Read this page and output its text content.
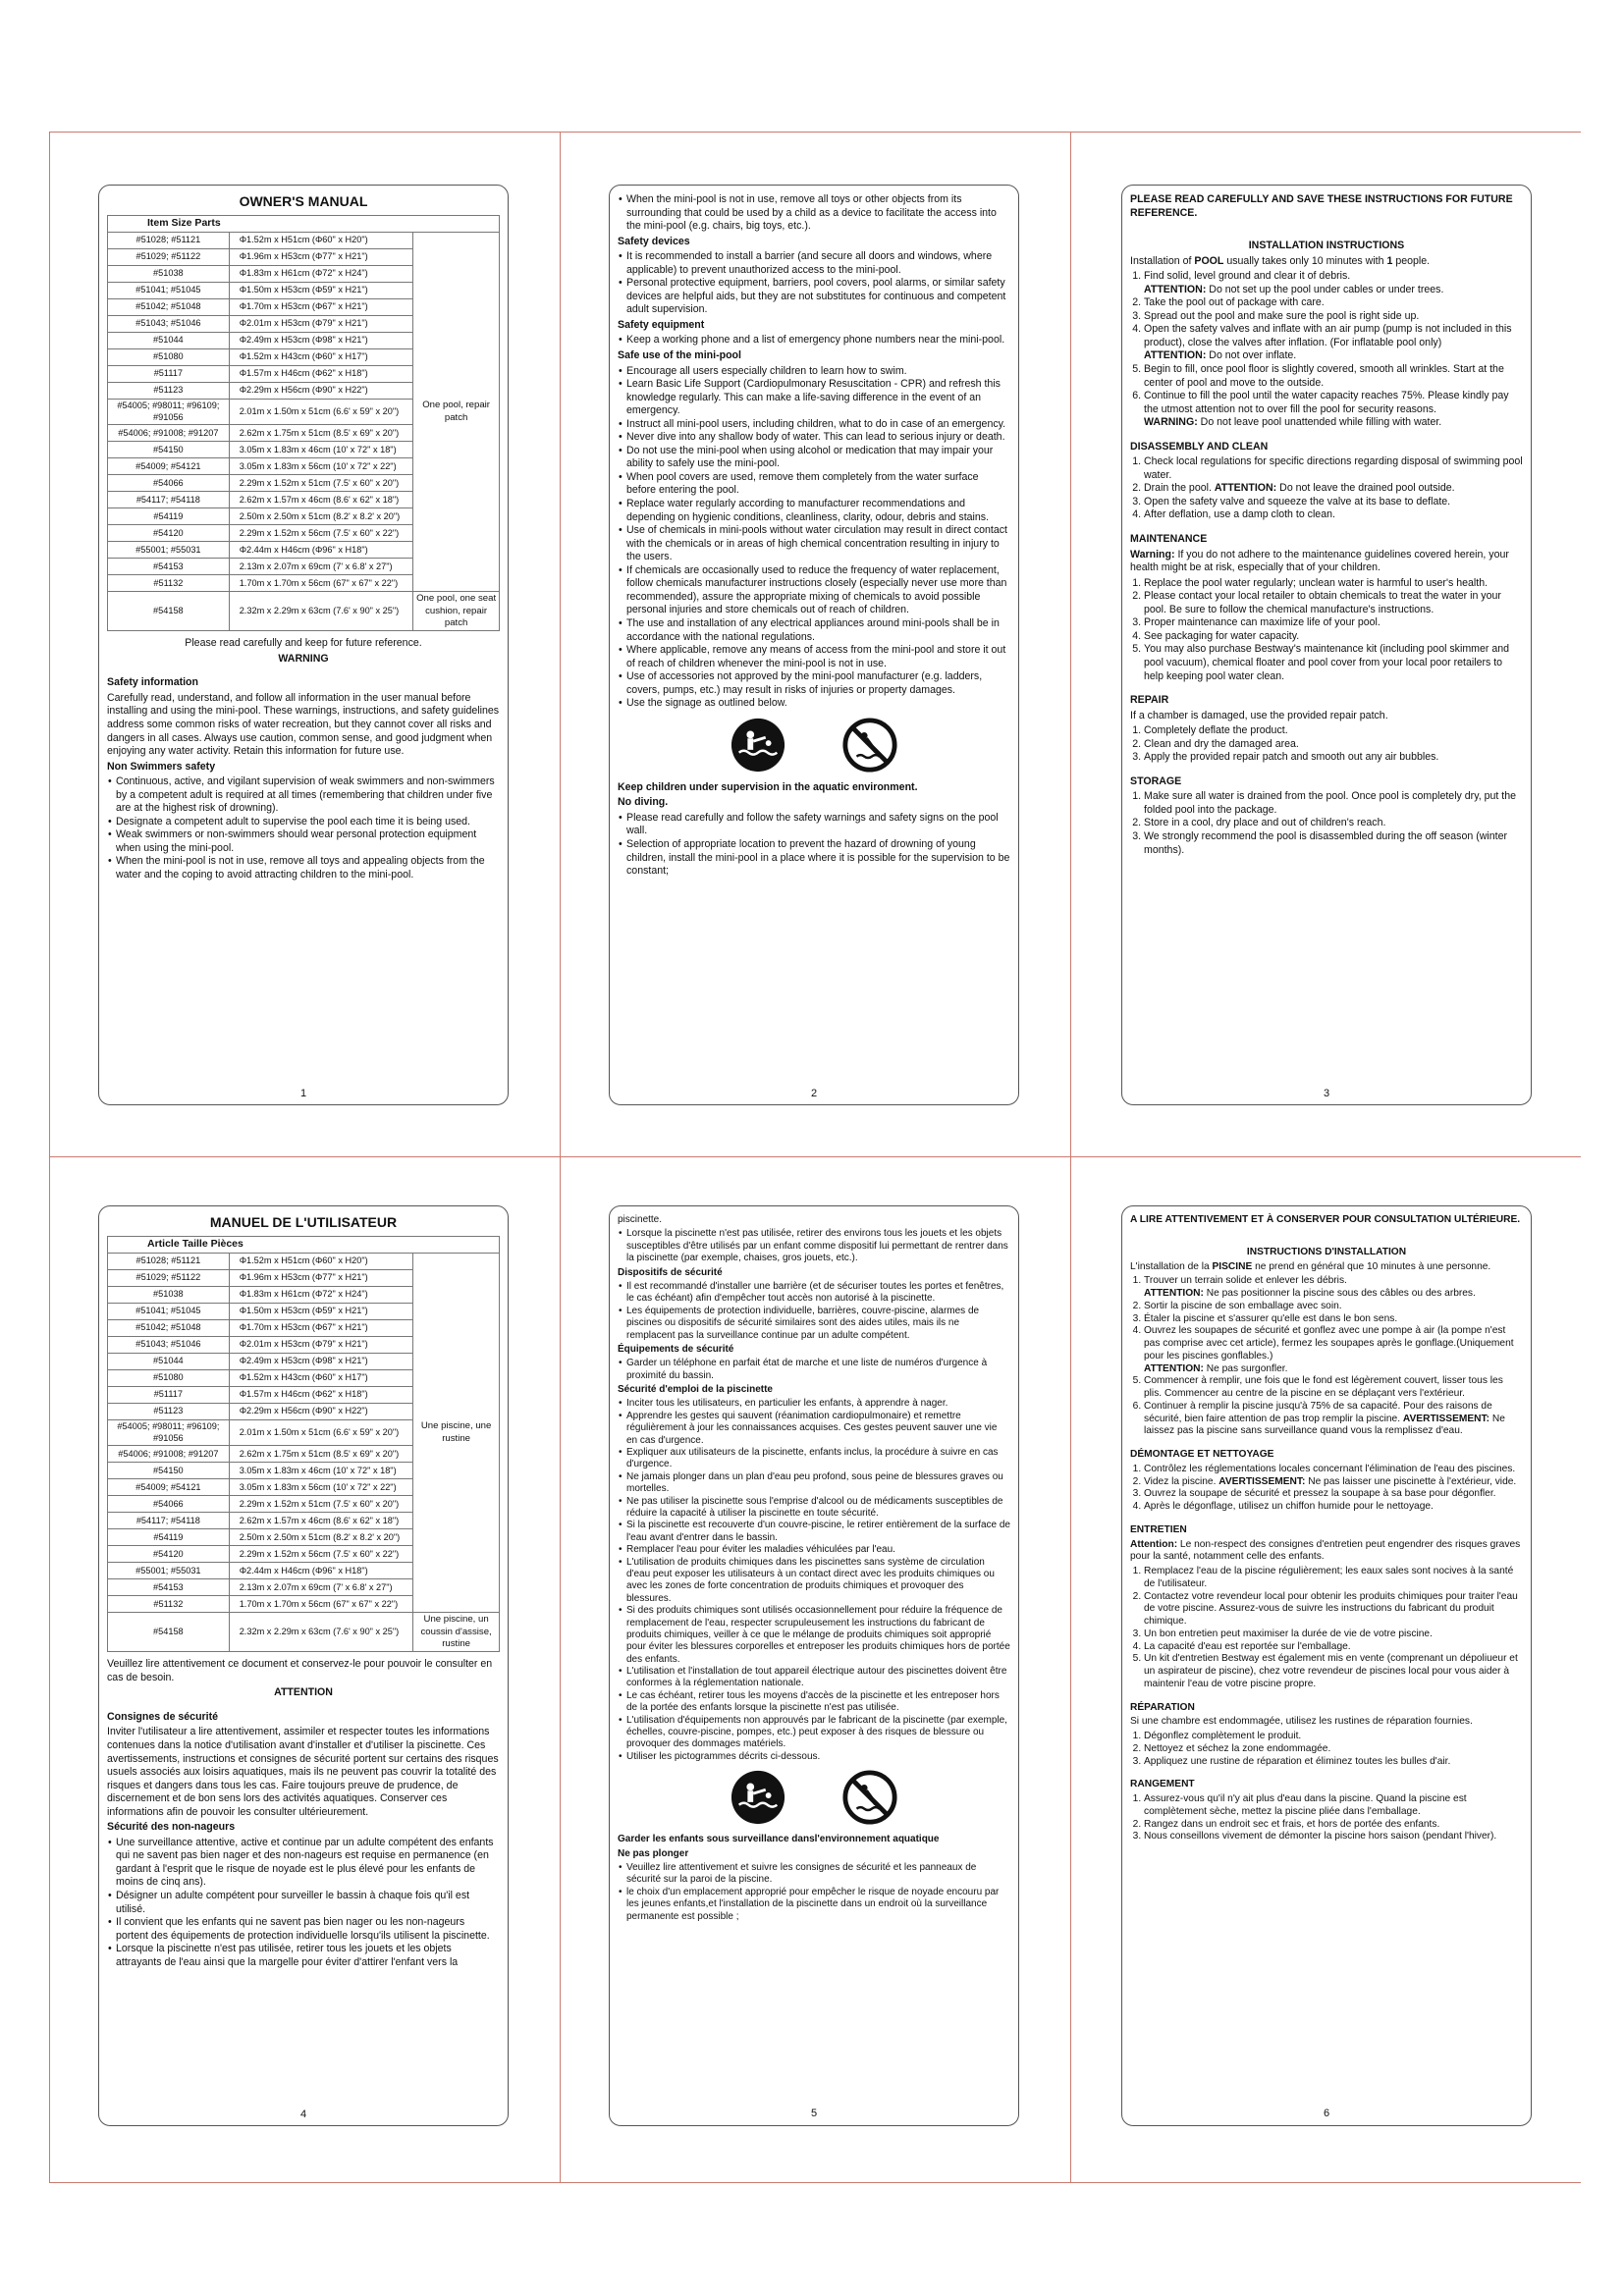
OWNER'S MANUAL
Item Size Parts		
#51028; #51121	Φ1.52m x H51cm (Φ60" x H20")	One pool, repair patch
#51029; #51122	Φ1.96m x H53cm (Φ77" x H21")	
#51038	Φ1.83m x H61cm (Φ72" x H24")	
#51041; #51045	Φ1.50m x H53cm (Φ59" x H21")	
#51042; #51048	Φ1.70m x H53cm (Φ67" x H21")	
#51043; #51046	Φ2.01m x H53cm (Φ79" x H21")	
#51044	Φ2.49m x H53cm (Φ98" x H21")	
#51080	Φ1.52m x H43cm (Φ60" x H17")	
#51117	Φ1.57m x H46cm (Φ62" x H18")	
#51123	Φ2.29m x H56cm (Φ90" x H22")	
#54005; #98011; #96109; #91056	2.01m x 1.50m x 51cm (6.6' x 59" x 20")	
#54006; #91008; #91207	2.62m x 1.75m x 51cm (8.5' x 69" x 20")	
#54150	3.05m x 1.83m x 46cm (10' x 72" x 18")	
#54009; #54121	3.05m x 1.83m x 56cm (10' x 72" x 22")	
#54066	2.29m x 1.52m x 51cm (7.5' x 60" x 20")	
#54117; #54118	2.62m x 1.57m x 46cm (8.6' x 62" x 18")	
#54119	2.50m x 2.50m x 51cm (8.2' x 8.2' x 20")	
#54120	2.29m x 1.52m x 56cm (7.5' x 60" x 22")	
#55001; #55031	Φ2.44m x H46cm (Φ96" x H18")	
#54153	2.13m x 2.07m x 69cm (7' x 6.8' x 27")	
#51132	1.70m x 1.70m x 56cm (67" x 67" x 22")	
#54158	2.32m x 2.29m x 63cm (7.6' x 90" x 25")	One pool, one seat cushion, repair patch

Please read carefully and keep for future reference.

WARNING

Safety information

Carefully read, understand, and follow all information in the user manual before installing and using the mini-pool. These warnings, instructions, and safety guidelines address some common risks of water recreation, but they cannot cover all risks and dangers in all cases. Always use caution, common sense, and good judgment when enjoying any water activity. Retain this information for future use.

Non Swimmers safety

• Continuous, active, and vigilant supervision of weak swimmers and non-swimmers by a competent adult is required at all times (remembering that children under five are at the highest risk of drowning).
• Designate a competent adult to supervise the pool each time it is being used.
• Weak swimmers or non-swimmers should wear personal protection equipment when using the mini-pool.
• When the mini-pool is not in use, remove all toys and appealing objects from the water and the coping to avoid attracting children to the mini-pool.
1
• When the mini-pool is not in use, remove all toys or other objects from its surrounding that could be used by a child as a device to facilitate the access into the mini-pool (e.g. chairs, big toys, etc.).

Safety devices

• It is recommended to install a barrier (and secure all doors and windows, where applicable) to prevent unauthorized access to the mini-pool.
• Personal protective equipment, barriers, pool covers, pool alarms, or similar safety devices are helpful aids, but they are not substitutes for continuous and competent adult supervision.

Safety equipment

• Keep a working phone and a list of emergency phone numbers near the mini-pool.

Safe use of the mini-pool

• Encourage all users especially children to learn how to swim.
• Learn Basic Life Support (Cardiopulmonary Resuscitation - CPR) and refresh this knowledge regularly. This can make a life-saving difference in the event of an emergency.
• Instruct all mini-pool users, including children, what to do in case of an emergency.
• Never dive into any shallow body of water. This can lead to serious injury or death.
• Do not use the mini-pool when using alcohol or medication that may impair your ability to safely use the mini-pool.
• When pool covers are used, remove them completely from the water surface before entering the pool.
• Replace water regularly according to manufacturer recommendations and depending on hygienic conditions, cleanliness, clarity, odour, debris and stains.
• Use of chemicals in mini-pools without water circulation may result in direct contact with the chemicals or in areas of high chemical concentration resulting in injury to the users.
• If chemicals are occasionally used to reduce the frequency of water replacement, follow chemicals manufacturer instructions closely (especially never use more than recommended), assure the appropriate mixing of chemicals to avoid possible personal injuries and store chemicals out of reach of children.
• The use and installation of any electrical appliances around mini-pools shall be in accordance with the national regulations.
• Where applicable, remove any means of access from the mini-pool and store it out of reach of children whenever the mini-pool is not in use.
• Use of accessories not approved by the mini-pool manufacturer (e.g. ladders, covers, pumps, etc.) may result in risks of injuries or property damages.
• Use the signage as outlined below.

Keep children under supervision in the aquatic environment.

No diving.

• Please read carefully and follow the safety warnings and safety signs on the pool wall.
• Selection of appropriate location to prevent the hazard of drowning of young children, install the mini-pool in a place where it is possible for the supervision to be constant;
2

PLEASE READ CAREFULLY AND SAVE THESE INSTRUCTIONS FOR FUTURE REFERENCE.

INSTALLATION INSTRUCTIONS

Installation of POOL usually takes only 10 minutes with 1 people.

1. Find solid, level ground and clear it of debris.
ATTENTION: Do not set up the pool under cables or under trees.
2. Take the pool out of package with care.
3. Spread out the pool and make sure the pool is right side up.
4. Open the safety valves and inflate with an air pump (pump is not included in this product), close the valves after inflation. (For inflatable pool only)
ATTENTION: Do not over inflate.
5. Begin to fill, once pool floor is slightly covered, smooth all wrinkles. Start at the center of pool and move to the outside.
6. Continue to fill the pool until the water capacity reaches 75%. Please kindly pay the utmost attention not to over fill the pool for security reasons.
WARNING: Do not leave pool unattended while filling with water.

DISASSEMBLY AND CLEAN

1. Check local regulations for specific directions regarding disposal of swimming pool water.
2. Drain the pool. ATTENTION: Do not leave the drained pool outside.
3. Open the safety valve and squeeze the valve at its base to deflate.
4. After deflation, use a damp cloth to clean.

MAINTENANCE

Warning: If you do not adhere to the maintenance guidelines covered herein, your health might be at risk, especially that of your children.

1. Replace the pool water regularly; unclean water is harmful to user's health.
2. Please contact your local retailer to obtain chemicals to treat the water in your pool. Be sure to follow the chemical manufacture's instructions.
3. Proper maintenance can maximize life of your pool.
4. See packaging for water capacity.
5. You may also purchase Bestway's maintenance kit (including pool skimmer and pool vacuum), chemical floater and pool cover from your local poor retailers to help keeping pool water clean.

REPAIR

If a chamber is damaged, use the provided repair patch.

1. Completely deflate the product.
2. Clean and dry the damaged area.
3. Apply the provided repair patch and smooth out any air bubbles.

STORAGE

1. Make sure all water is drained from the pool. Once pool is completely dry, put the folded pool into the package.
2. Store in a cool, dry place and out of children's reach.
3. We strongly recommend the pool is disassembled during the off season (winter months).
3
MANUEL DE L'UTILISATEUR
Article Taille Pièces		
#51028; #51121	Φ1.52m x H51cm (Φ60" x H20")	Une piscine, une rustine
#51029; #51122	Φ1.96m x H53cm (Φ77" x H21")	
#51038	Φ1.83m x H61cm (Φ72" x H24")	
#51041; #51045	Φ1.50m x H53cm (Φ59" x H21")	
#51042; #51048	Φ1.70m x H53cm (Φ67" x H21")	
#51043; #51046	Φ2.01m x H53cm (Φ79" x H21")	
#51044	Φ2.49m x H53cm (Φ98" x H21")	
#51080	Φ1.52m x H43cm (Φ60" x H17")	
#51117	Φ1.57m x H46cm (Φ62" x H18")	
#51123	Φ2.29m x H56cm (Φ90" x H22")	
#54005; #98011; #96109; #91056	2.01m x 1.50m x 51cm (6.6' x 59" x 20")	
#54006; #91008; #91207	2.62m x 1.75m x 51cm (8.5' x 69" x 20")	
#54150	3.05m x 1.83m x 46cm (10' x 72" x 18")	
#54009; #54121	3.05m x 1.83m x 56cm (10' x 72" x 22")	
#54066	2.29m x 1.52m x 51cm (7.5' x 60" x 20")	
#54117; #54118	2.62m x 1.57m x 46cm (8.6' x 62" x 18")	
#54119	2.50m x 2.50m x 51cm (8.2' x 8.2' x 20")	
#54120	2.29m x 1.52m x 56cm (7.5' x 60" x 22")	
#55001; #55031	Φ2.44m x H46cm (Φ96" x H18")	
#54153	2.13m x 2.07m x 69cm (7' x 6.8' x 27")	
#51132	1.70m x 1.70m x 56cm (67" x 67" x 22")	
#54158	2.32m x 2.29m x 63cm (7.6' x 90" x 25")	Une piscine, un coussin d'assise, rustine

Veuillez lire attentivement ce document et conservez-le pour pouvoir le consulter en cas de besoin.

ATTENTION

Consignes de sécurité

Inviter l'utilisateur a lire attentivement, assimiler et respecter toutes les informations contenues dans la notice d'utilisation avant d'installer et d'utiliser la piscinette. Ces avertissements, instructions et consignes de sécurité portent sur certains des risques usuels associés aux loisirs aquatiques, mais ils ne peuvent pas couvrir la totalité des risques et dangers dans tous les cas. Faire toujours preuve de prudence, de discernement et de bon sens lors des activités aquatiques. Conserver ces informations afin de pouvoir les consulter ultérieurement.

Sécurité des non-nageurs

• Une surveillance attentive, active et continue par un adulte compétent des enfants qui ne savent pas bien nager et des non-nageurs est requise en permanence (en gardant à l'esprit que le risque de noyade est le plus élevé pour les enfants de moins de cinq ans).
• Désigner un adulte compétent pour surveiller le bassin à chaque fois qu'il est utilisé.
• Il convient que les enfants qui ne savent pas bien nager ou les non-nageurs portent des équipements de protection individuelle lorsqu'ils utilisent la piscinette.
• Lorsque la piscinette n'est pas utilisée, retirer tous les jouets et les objets attrayants de l'eau ainsi que la margelle pour éviter d'attirer l'enfant vers la
4

piscinette.

• Lorsque la piscinette n'est pas utilisée, retirer des environs tous les jouets et les objets susceptibles d'être utilisés par un enfant comme dispositif lui permettant de rentrer dans la piscinette (par exemple, chaises, gros jouets, etc.).

Dispositifs de sécurité

• Il est recommandé d'installer une barrière (et de sécuriser toutes les portes et fenêtres, le cas échéant) afin d'empêcher tout accès non autorisé à la piscinette.
• Les équipements de protection individuelle, barrières, couvre-piscine, alarmes de piscines ou dispositifs de sécurité similaires sont des aides utiles, mais ils ne remplacent pas la surveillance continue par un adulte compétent.

Équipements de sécurité

• Garder un téléphone en parfait état de marche et une liste de numéros d'urgence à proximité du bassin.

Sécurité d'emploi de la piscinette

• Inciter tous les utilisateurs, en particulier les enfants, à apprendre à nager.
• Apprendre les gestes qui sauvent (réanimation cardiopulmonaire) et remettre régulièrement à jour les connaissances acquises. Ces gestes peuvent sauver une vie en cas d'urgence.
• Expliquer aux utilisateurs de la piscinette, enfants inclus, la procédure à suivre en cas d'urgence.
• Ne jamais plonger dans un plan d'eau peu profond, sous peine de blessures graves ou mortelles.
• Ne pas utiliser la piscinette sous l'emprise d'alcool ou de médicaments susceptibles de réduire la capacité à utiliser la piscinette en toute sécurité.
• Si la piscinette est recouverte d'un couvre-piscine, le retirer entièrement de la surface de l'eau avant d'entrer dans le bassin.
• Remplacer l'eau pour éviter les maladies véhiculées par l'eau.
• L'utilisation de produits chimiques dans les piscinettes sans système de circulation d'eau peut exposer les utilisateurs à un contact direct avec les produits chimiques ou avec les zones de forte concentration de produits chimiques et provoquer des blessures.
• Si des produits chimiques sont utilisés occasionnellement pour réduire la fréquence de remplacement de l'eau, respecter scrupuleusement les instructions du fabricant de produits chimiques, veiller à ce que le mélange de produits chimiques soit approprié pour éviter les blessures corporelles et entreposer les produits chimiques hors de portée des enfants.
• L'utilisation et l'installation de tout appareil électrique autour des piscinettes doivent être conformes à la réglementation nationale.
• Le cas échéant, retirer tous les moyens d'accès de la piscinette et les entreposer hors de la portée des enfants lorsque la piscinette n'est pas utilisée.
• L'utilisation d'équipements non approuvés par le fabricant de la piscinette (par exemple, échelles, couvre-piscine, pompes, etc.) peut exposer à des risques de blessure ou provoquer des dommages matériels.
• Utiliser les pictogrammes décrits ci-dessous.

Garder les enfants sous surveillance dansl'environnement aquatique

Ne pas plonger

• Veuillez lire attentivement et suivre les consignes de sécurité et les panneaux de sécurité sur la paroi de la piscine.
• le choix d'un emplacement approprié pour empêcher le risque de noyade encouru par les jeunes enfants,et l'installation de la piscinette dans un endroit où la surveillance permanente est possible ;
5

A LIRE ATTENTIVEMENT ET À CONSERVER POUR CONSULTATION ULTÉRIEURE.

INSTRUCTIONS D'INSTALLATION

L'installation de la PISCINE ne prend en général que 10 minutes à une personne.

1. Trouver un terrain solide et enlever les débris.
ATTENTION: Ne pas positionner la piscine sous des câbles ou des arbres.
2. Sortir la piscine de son emballage avec soin.
3. Étaler la piscine et s'assurer qu'elle est dans le bon sens.
4. Ouvrez les soupapes de sécurité et gonflez avec une pompe à air (la pompe n'est pas comprise avec cet article), fermez les soupapes après le gonflage.(Uniquement pour les piscines gonflables.)
ATTENTION: Ne pas surgonfler.
5. Commencer à remplir, une fois que le fond est légèrement couvert, lisser tous les plis. Commencer au centre de la piscine en se déplaçant vers l'extérieur.
6. Continuer à remplir la piscine jusqu'à 75% de sa capacité. Pour des raisons de sécurité, bien faire attention de pas trop remplir la piscine. AVERTISSEMENT: Ne laissez pas la piscine sans surveillance quand vous la remplissez d'eau.

DÉMONTAGE ET NETTOYAGE

1. Contrôlez les réglementations locales concernant l'élimination de l'eau des piscines.
2. Videz la piscine. AVERTISSEMENT: Ne pas laisser une piscinette à l'extérieur, vide.
3. Ouvrez la soupape de sécurité et pressez la soupape à sa base pour dégonfler.
4. Après le dégonflage, utilisez un chiffon humide pour le nettoyage.

ENTRETIEN

Attention: Le non-respect des consignes d'entretien peut engendrer des risques graves pour la santé, notamment celle des enfants.

1. Remplacez l'eau de la piscine régulièrement; les eaux sales sont nocives à la santé de l'utilisateur.
2. Contactez votre revendeur local pour obtenir les produits chimiques pour traiter l'eau de votre piscine. Assurez-vous de suivre les instructions du fabricant du produit chimique.
3. Un bon entretien peut maximiser la durée de vie de votre piscine.
4. La capacité d'eau est reportée sur l'emballage.
5. Un kit d'entretien Bestway est également mis en vente (comprenant un dépoliueur et un aspirateur de piscine), chez votre revendeur de piscines local pour vous aider à maintenir l'eau de votre piscine propre.

RÉPARATION

Si une chambre est endommagée, utilisez les rustines de réparation fournies.

1. Dégonflez complètement le produit.
2. Nettoyez et séchez la zone endommagée.
3. Appliquez une rustine de réparation et éliminez toutes les bulles d'air.

RANGEMENT

1. Assurez-vous qu'il n'y ait plus d'eau dans la piscine. Quand la piscine est complètement sèche, mettez la piscine pliée dans l'emballage.
2. Rangez dans un endroit sec et frais, et hors de portée des enfants.
3. Nous conseillons vivement de démonter la piscine hors saison (pendant l'hiver).
6
